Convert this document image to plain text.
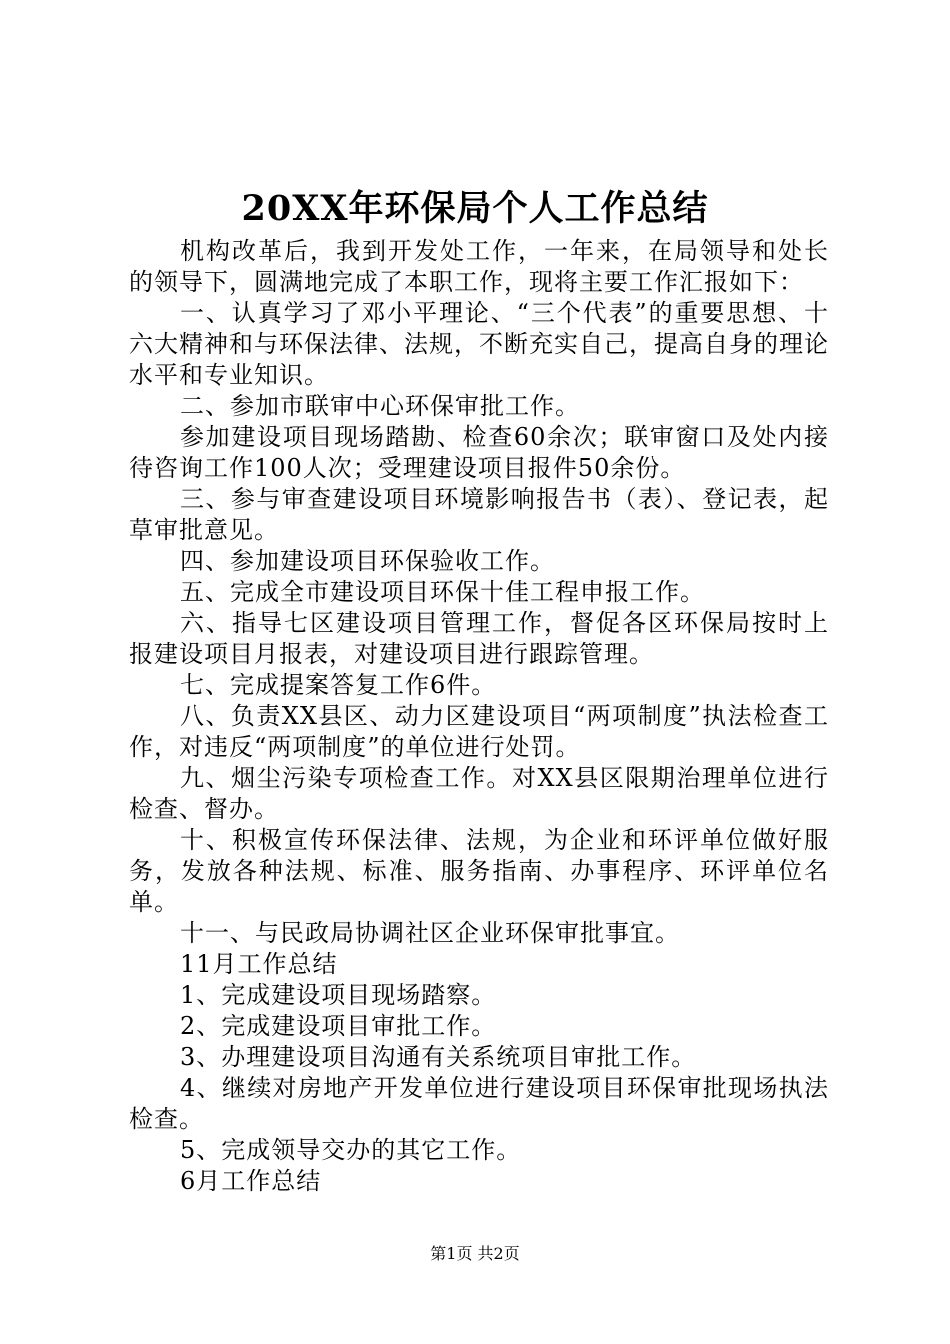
20XX年环保局个人工作总结

机构改革后，我到开发处工作，一年来，在局领导和处长的领导下，圆满地完成了本职工作，现将主要工作汇报如下：

一、认真学习了邓小平理论、“三个代表”的重要思想、十六大精神和与环保法律、法规，不断充实自己，提高自身的理论水平和专业知识。

二、参加市联审中心环保审批工作。

参加建设项目现场踏勘、检查60余次；联审窗口及处内接待咨询工作100人次；受理建设项目报件50余份。

三、参与审查建设项目环境影响报告书（表）、登记表，起草审批意见。

四、参加建设项目环保验收工作。

五、完成全市建设项目环保十佳工程申报工作。

六、指导七区建设项目管理工作，督促各区环保局按时上报建设项目月报表，对建设项目进行跟踪管理。

七、完成提案答复工作6件。

八、负责XX县区、动力区建设项目“两项制度”执法检查工作，对违反“两项制度”的单位进行处罚。

九、烟尘污染专项检查工作。对XX县区限期治理单位进行检查、督办。

十、积极宣传环保法律、法规，为企业和环评单位做好服务，发放各种法规、标准、服务指南、办事程序、环评单位名单。

十一、与民政局协调社区企业环保审批事宜。

11月工作总结

1、完成建设项目现场踏察。

2、完成建设项目审批工作。

3、办理建设项目沟通有关系统项目审批工作。

4、继续对房地产开发单位进行建设项目环保审批现场执法检查。

5、完成领导交办的其它工作。

6月工作总结

第1页 共2页
